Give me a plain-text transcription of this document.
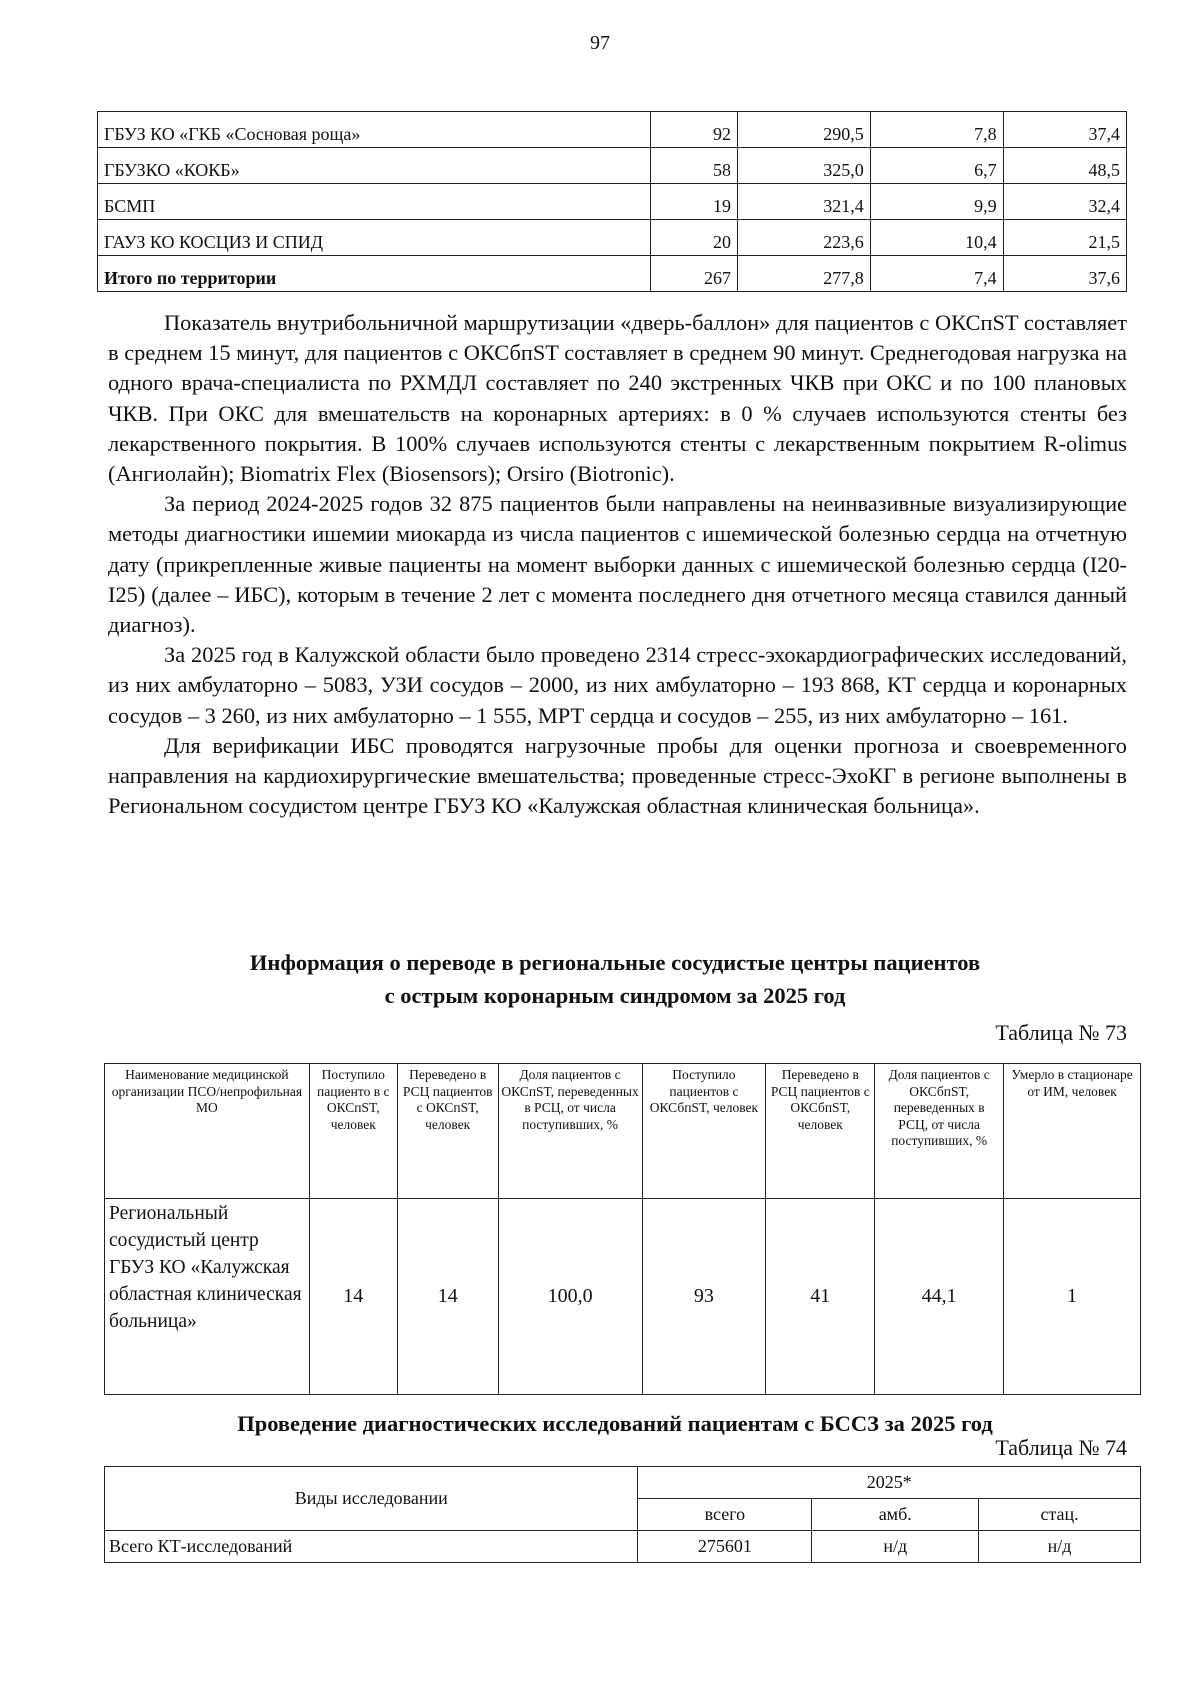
97
ГБУЗ КО «ГКБ «Сосновая роща»	92	290,5	7,8	37,4
ГБУЗКО «КОКБ»	58	325,0	6,7	48,5
БСМП	19	321,4	9,9	32,4
ГАУЗ КО КОСЦИЗ И СПИД	20	223,6	10,4	21,5
Итого по территории	267	277,8	7,4	37,6

Показатель внутрибольничной маршрутизации «дверь-баллон» для пациентов с ОКСпST составляет в среднем 15 минут, для пациентов с ОКСбпST составляет в среднем 90 минут. Среднегодовая нагрузка на одного врача-специалиста по РХМДЛ составляет по 240 экстренных ЧКВ при ОКС и по 100 плановых ЧКВ. При ОКС для вмешательств на коронарных артериях: в 0 % случаев используются стенты без лекарственного покрытия. В 100% случаев используются стенты с лекарственным покрытием R-olimus (Ангиолайн); Biomatrix Flex (Biosensors); Orsiro (Biotronic).

За период 2024-2025 годов 32 875 пациентов были направлены на неинвазивные визуализирующие методы диагностики ишемии миокарда из числа пациентов с ишемической болезнью сердца на отчетную дату (прикрепленные живые пациенты на момент выборки данных с ишемической болезнью сердца (I20-I25) (далее – ИБС), которым в течение 2 лет с момента последнего дня отчетного месяца ставился данный диагноз).

За 2025 год в Калужской области было проведено 2314 стресс-эхокардиографических исследований, из них амбулаторно – 5083, УЗИ сосудов – 2000, из них амбулаторно – 193 868, КТ сердца и коронарных сосудов – 3 260, из них амбулаторно – 1 555, МРТ сердца и сосудов – 255, из них амбулаторно – 161.

Для верификации ИБС проводятся нагрузочные пробы для оценки прогноза и своевременного направления на кардиохирургические вмешательства; проведенные стресс-ЭхоКГ в регионе выполнены в Региональном сосудистом центре ГБУЗ КО «Калужская областная клиническая больница».

Информация о переводе в региональные сосудистые центры пациентов
с острым коронарным синдромом за 2025 год
Таблица № 73
Наименование медицинской организации ПСО/непрофильная МО	Поступило пациенто в с ОКСпST, человек	Переведено в РСЦ пациентов с ОКСпST, человек	Доля пациентов с ОКСпST, переведенных в РСЦ, от числа поступивших, %	Поступило пациентов с ОКСбпST, человек	Переведено в РСЦ пациентов с ОКСбпST, человек	Доля пациентов с ОКСбпST, переведенных в РСЦ, от числа поступивших, %	Умерло в стационаре от ИМ, человек
Региональный сосудистый центр ГБУЗ КО «Калужская областная клиническая больница»	14	14	100,0	93	41	44,1	1
Проведение диагностических исследований пациентам с БССЗ за 2025 год
Таблица № 74
Виды исследовании	2025*		
	всего	амб.	стац.
Всего КТ-исследований	275601	н/д	н/д
